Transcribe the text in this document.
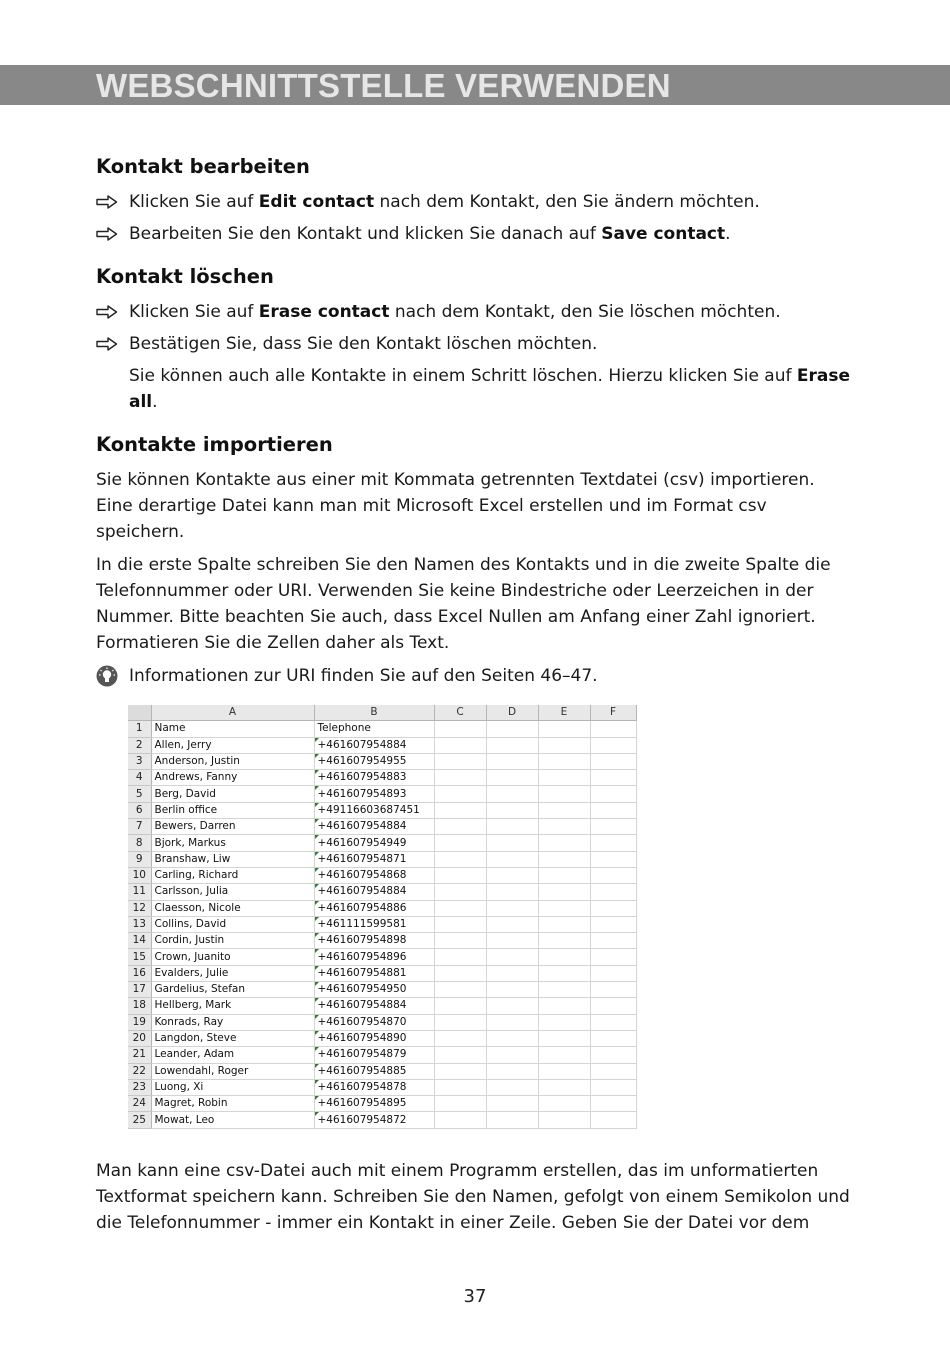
WEBSCHNITTSTELLE VERWENDEN
Kontakt bearbeiten
Klicken Sie auf Edit contact nach dem Kontakt, den Sie ändern möchten.
Bearbeiten Sie den Kontakt und klicken Sie danach auf Save contact.
Kontakt löschen
Klicken Sie auf Erase contact nach dem Kontakt, den Sie löschen möchten.
Bestätigen Sie, dass Sie den Kontakt löschen möchten.

Sie können auch alle Kontakte in einem Schritt löschen. Hierzu klicken Sie auf Erase all.

Kontakte importieren

Sie können Kontakte aus einer mit Kommata getrennten Textdatei (csv) importieren. Eine derartige Datei kann man mit Microsoft Excel erstellen und im Format csv speichern.

In die erste Spalte schreiben Sie den Namen des Kontakts und in die zweite Spalte die Telefonnummer oder URI. Verwenden Sie keine Bindestriche oder Leerzeichen in der Nummer. Bitte beachten Sie auch, dass Excel Nullen am Anfang einer Zahl ignoriert. Formatieren Sie die Zellen daher als Text.

Informationen zur URI finden Sie auf den Seiten 46–47.
	A	B	C	D	E	F
1	Name	Telephone				
2	Allen, Jerry	+461607954884				
3	Anderson, Justin	+461607954955				
4	Andrews, Fanny	+461607954883				
5	Berg, David	+461607954893				
6	Berlin office	+49116603687451				
7	Bewers, Darren	+461607954884				
8	Bjork, Markus	+461607954949				
9	Branshaw, Liw	+461607954871				
10	Carling, Richard	+461607954868				
11	Carlsson, Julia	+461607954884				
12	Claesson, Nicole	+461607954886				
13	Collins, David	+461111599581				
14	Cordin, Justin	+461607954898				
15	Crown, Juanito	+461607954896				
16	Evalders, Julie	+461607954881				
17	Gardelius, Stefan	+461607954950				
18	Hellberg, Mark	+461607954884				
19	Konrads, Ray	+461607954870				
20	Langdon, Steve	+461607954890				
21	Leander, Adam	+461607954879				
22	Lowendahl, Roger	+461607954885				
23	Luong, Xi	+461607954878				
24	Magret, Robin	+461607954895				
25	Mowat, Leo	+461607954872				

Man kann eine csv-Datei auch mit einem Programm erstellen, das im unformatierten Textformat speichern kann. Schreiben Sie den Namen, gefolgt von einem Semikolon und die Telefonnummer - immer ein Kontakt in einer Zeile. Geben Sie der Datei vor dem

37
